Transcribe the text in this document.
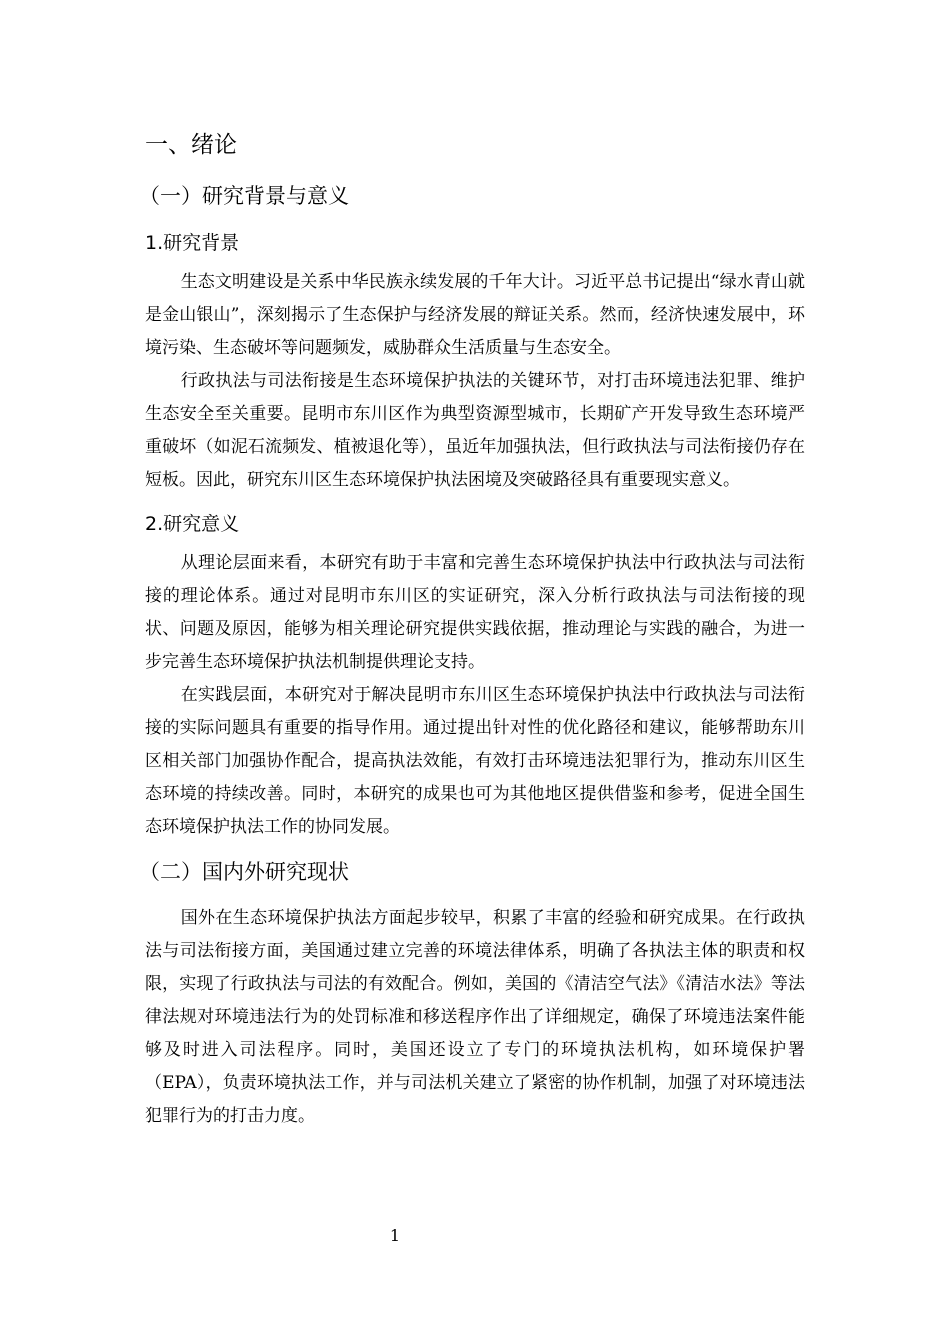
一、绪论
（一）研究背景与意义
1.研究背景

生态文明建设是关系中华民族永续发展的千年大计。习近平总书记提出“绿水青山就是金山银山”，深刻揭示了生态保护与经济发展的辩证关系。然而，经济快速发展中，环境污染、生态破坏等问题频发，威胁群众生活质量与生态安全。

行政执法与司法衔接是生态环境保护执法的关键环节，对打击环境违法犯罪、维护生态安全至关重要。昆明市东川区作为典型资源型城市，长期矿产开发导致生态环境严重破坏（如泥石流频发、植被退化等），虽近年加强执法，但行政执法与司法衔接仍存在短板。因此，研究东川区生态环境保护执法困境及突破路径具有重要现实意义。

2.研究意义

从理论层面来看，本研究有助于丰富和完善生态环境保护执法中行政执法与司法衔接的理论体系。通过对昆明市东川区的实证研究，深入分析行政执法与司法衔接的现状、问题及原因，能够为相关理论研究提供实践依据，推动理论与实践的融合，为进一步完善生态环境保护执法机制提供理论支持。

在实践层面，本研究对于解决昆明市东川区生态环境保护执法中行政执法与司法衔接的实际问题具有重要的指导作用。通过提出针对性的优化路径和建议，能够帮助东川区相关部门加强协作配合，提高执法效能，有效打击环境违法犯罪行为，推动东川区生态环境的持续改善。同时，本研究的成果也可为其他地区提供借鉴和参考，促进全国生态环境保护执法工作的协同发展。

（二）国内外研究现状

国外在生态环境保护执法方面起步较早，积累了丰富的经验和研究成果。在行政执法与司法衔接方面，美国通过建立完善的环境法律体系，明确了各执法主体的职责和权限，实现了行政执法与司法的有效配合。例如，美国的《清洁空气法》《清洁水法》等法律法规对环境违法行为的处罚标准和移送程序作出了详细规定，确保了环境违法案件能够及时进入司法程序。同时，美国还设立了专门的环境执法机构，如环境保护署（EPA），负责环境执法工作，并与司法机关建立了紧密的协作机制，加强了对环境违法犯罪行为的打击力度。

1
